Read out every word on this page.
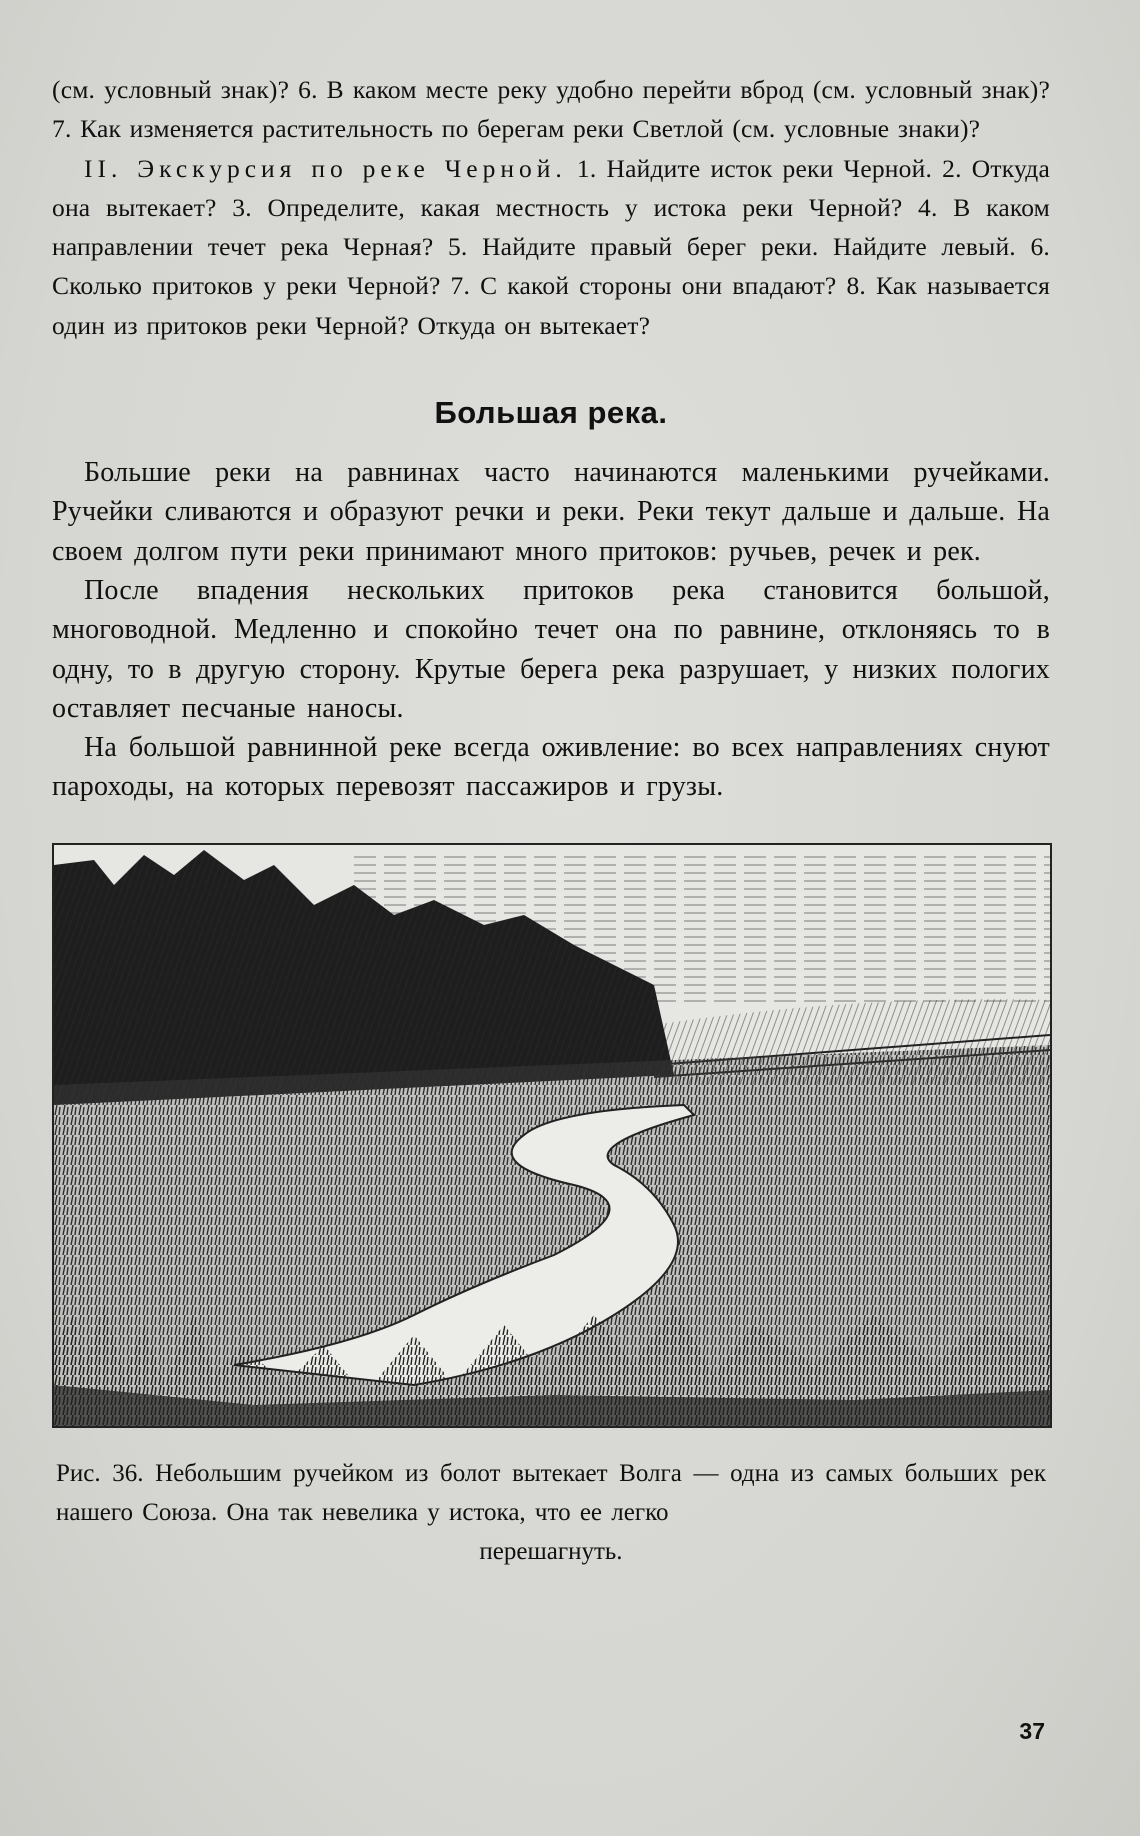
(см. условный знак)? 6. В каком месте реку удобно перейти вброд (см. условный знак)? 7. Как изменяется растительность по берегам реки Светлой (см. условные знаки)?

II. Экскурсия по реке Черной. 1. Найдите исток реки Черной. 2. Откуда она вытекает? 3. Определите, какая местность у истока реки Черной? 4. В каком направлении течет река Черная? 5. Найдите правый берег реки. Найдите левый. 6. Сколько притоков у реки Черной? 7. С какой стороны они впадают? 8. Как называется один из притоков реки Черной? Откуда он вытекает?

Большая река.

Большие реки на равнинах часто начинаются маленькими ручейками. Ручейки сливаются и образуют речки и реки. Реки текут дальше и дальше. На своем долгом пути реки принимают много притоков: ручьев, речек и рек.

После впадения нескольких притоков река становится большой, многоводной. Медленно и спокойно течет она по равнине, отклоняясь то в одну, то в другую сторону. Крутые берега река разрушает, у низких пологих оставляет песчаные наносы.

На большой равнинной реке всегда оживление: во всех направлениях снуют пароходы, на которых перевозят пассажиров и грузы.

Рис. 36. Небольшим ручейком из болот вытекает Волга — одна из самых больших рек нашего Союза. Она так невелика у истока, что ее легко
перешагнуть.
37
